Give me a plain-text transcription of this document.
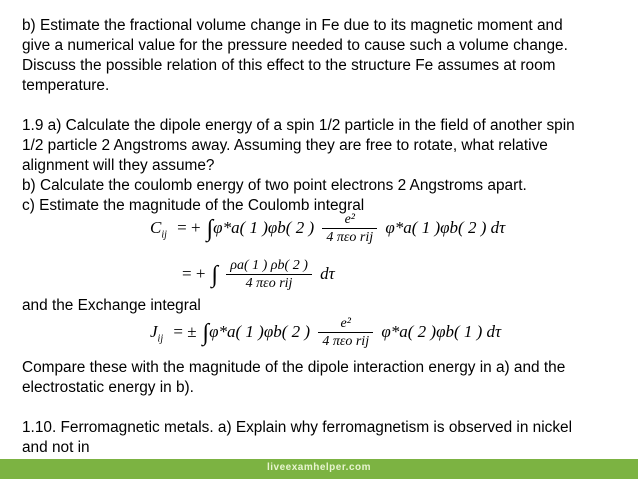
b) Estimate the fractional volume change in Fe due to its magnetic moment and

give a numerical value for the pressure needed to cause such a volume change.

Discuss the possible relation of this effect to the structure Fe assumes at room

temperature.

1.9 a) Calculate the dipole energy of a spin 1/2 particle in the field of another spin

1/2 particle 2 Angstroms away. Assuming they are free to rotate, what relative

alignment will they assume?

b) Calculate the coulomb energy of two point electrons 2 Angstroms apart.

c) Estimate the magnitude of the Coulomb integral

$C_{ij}$ = + ∫φ*a( 1 )φb( 2 ) $\frac{\text{e²}}{\text{4 πεo rij}} \varphi*a$( 1 )φb( 2 ) dτ
= + ∫ $\frac{\rho a( 1 ) \rho b( 2 )}{\text{4 πεo rij}}$ dτ

and the Exchange integral

$J_{ij}$ = ± ∫φ*a( 1 )φb( 2 ) $\frac{\text{e²}}{\text{4 πεo rij}} \varphi*a$( 2 )φb( 1 ) dτ

Compare these with the magnitude of the dipole interaction energy in a) and the

electrostatic energy in b).

1.10. Ferromagnetic metals. a) Explain why ferromagnetism is observed in nickel

and not in

liveexamhelper.com
